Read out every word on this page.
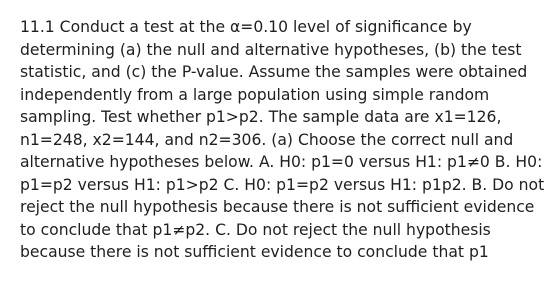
11.1 Conduct a test at the α=0.10 level of significance by determining (a) the null and alternative hypotheses, (b) the test statistic, and (c) the P-value. Assume the samples were obtained independently from a large population using simple random sampling. Test whether p1>p2. The sample data are x1=126, n1=248, x2=144, and n2=306. (a) Choose the correct null and alternative hypotheses below. A. H0: p1=0 versus H1: p1≠0 B. H0: p1=p2 versus H1: p1>p2 C. H0: p1=p2 versus H1: p1p2. B. Do not reject the null hypothesis because there is not sufficient evidence to conclude that p1≠p2. C. Do not reject the null hypothesis because there is not sufficient evidence to conclude that p1
